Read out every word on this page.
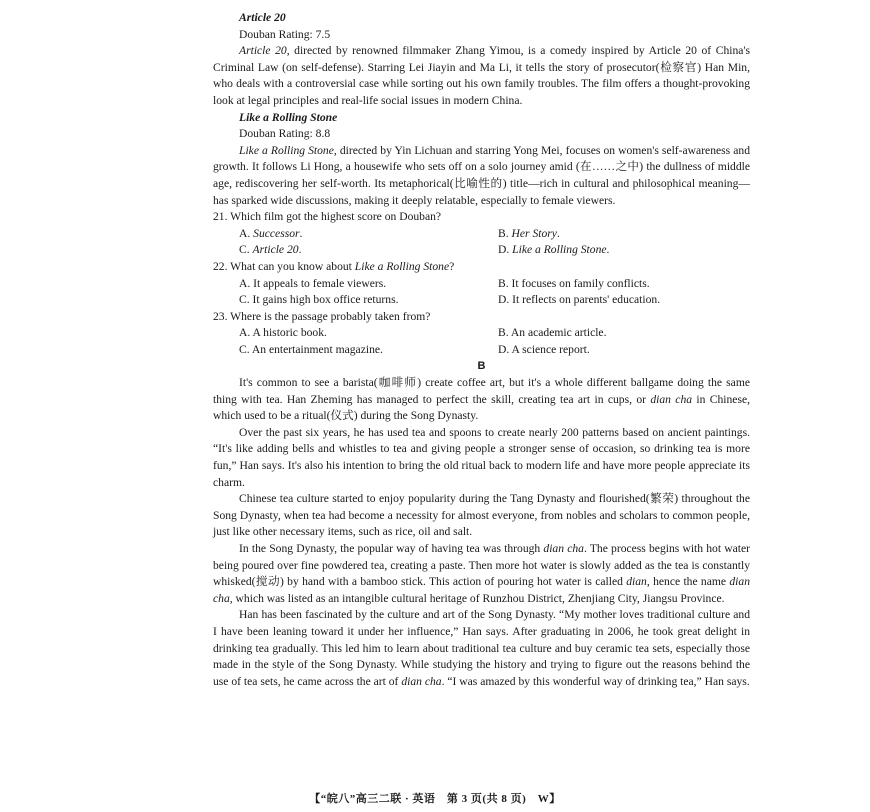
Article 20

Douban Rating: 7.5

Article 20, directed by renowned filmmaker Zhang Yimou, is a comedy inspired by Article 20 of China's Criminal Law (on self-defense). Starring Lei Jiayin and Ma Li, it tells the story of prosecutor(检察官) Han Min, who deals with a controversial case while sorting out his own family troubles. The film offers a thought-provoking look at legal principles and real-life social issues in modern China.

Like a Rolling Stone

Douban Rating: 8.8

Like a Rolling Stone, directed by Yin Lichuan and starring Yong Mei, focuses on women's self-awareness and growth. It follows Li Hong, a housewife who sets off on a solo journey amid (在……之中) the dullness of middle age, rediscovering her self-worth. Its metaphorical(比喻性的) title—rich in cultural and philosophical meaning—has sparked wide discussions, making it deeply relatable, especially to female viewers.

21. Which film got the highest score on Douban?

A. Successor.	B. Her Story.
C. Article 20.	D. Like a Rolling Stone.

22. What can you know about Like a Rolling Stone?

A. It appeals to female viewers.	B. It focuses on family conflicts.
C. It gains high box office returns.	D. It reflects on parents' education.

23. Where is the passage probably taken from?

A. A historic book.	B. An academic article.
C. An entertainment magazine.	D. A science report.

B

It's common to see a barista(咖啡师) create coffee art, but it's a whole different ballgame doing the same thing with tea. Han Zheming has managed to perfect the skill, creating tea art in cups, or dian cha in Chinese, which used to be a ritual(仪式) during the Song Dynasty.

Over the past six years, he has used tea and spoons to create nearly 200 patterns based on ancient paintings. “It's like adding bells and whistles to tea and giving people a stronger sense of occasion, so drinking tea is more fun,” Han says. It's also his intention to bring the old ritual back to modern life and have more people appreciate its charm.

Chinese tea culture started to enjoy popularity during the Tang Dynasty and flourished(繁荣) throughout the Song Dynasty, when tea had become a necessity for almost everyone, from nobles and scholars to common people, just like other necessary items, such as rice, oil and salt.

In the Song Dynasty, the popular way of having tea was through dian cha. The process begins with hot water being poured over fine powdered tea, creating a paste. Then more hot water is slowly added as the tea is constantly whisked(搅动) by hand with a bamboo stick. This action of pouring hot water is called dian, hence the name dian cha, which was listed as an intangible cultural heritage of Runzhou District, Zhenjiang City, Jiangsu Province.

Han has been fascinated by the culture and art of the Song Dynasty. “My mother loves traditional culture and I have been leaning toward it under her influence,” Han says. After graduating in 2006, he took great delight in drinking tea gradually. This led him to learn about traditional tea culture and buy ceramic tea sets, especially those made in the style of the Song Dynasty. While studying the history and trying to figure out the reasons behind the use of tea sets, he came across the art of dian cha. “I was amazed by this wonderful way of drinking tea,” Han says.

【“皖八”高三二联 · 英语　第 3 页(共 8 页)　W】
